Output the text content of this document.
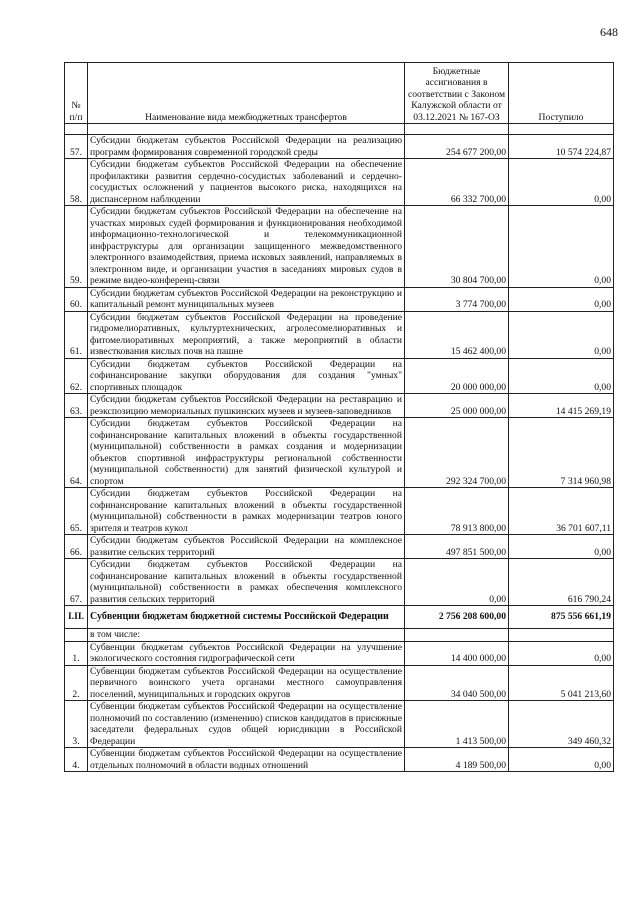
648
№ п/п	Наименование вида межбюджетных трансфертов	Бюджетные ассигнования в соответствии с Законом Калужской области от 03.12.2021 № 167-ОЗ	Поступило

57.	Субсидии бюджетам субъектов Российской Федерации на реализацию программ формирования современной городской среды	254 677 200,00	10 574 224,87
58.	Субсидии бюджетам субъектов Российской Федерации на обеспечение профилактики развития сердечно-сосудистых заболеваний и сердечно-сосудистых осложнений у пациентов высокого риска, находящихся на диспансерном наблюдении	66 332 700,00	0,00
59.	Субсидии бюджетам субъектов Российской Федерации на обеспечение на участках мировых судей формирования и функционирования необходимой информационно-технологической и телекоммуникационной инфраструктуры для организации защищенного межведомственного электронного взаимодействия, приема исковых заявлений, направляемых в электронном виде, и организации участия в заседаниях мировых судов в режиме видео-конференц-связи	30 804 700,00	0,00
60.	Субсидии бюджетам субъектов Российской Федерации на реконструкцию и капитальный ремонт муниципальных музеев	3 774 700,00	0,00
61.	Субсидии бюджетам субъектов Российской Федерации на проведение гидромелиоративных, культуртехнических, агролесомелиоративных и фитомелиоративных мероприятий, а также мероприятий в области известкования кислых почв на пашне	15 462 400,00	0,00
62.	Субсидии бюджетам субъектов Российской Федерации на софинансирование закупки оборудования для создания "умных" спортивных площадок	20 000 000,00	0,00
63.	Субсидии бюджетам субъектов Российской Федерации на реставрацию и реэкспозицию мемориальных пушкинских музеев и музеев-заповедников	25 000 000,00	14 415 269,19
64.	Субсидии бюджетам субъектов Российской Федерации на софинансирование капитальных вложений в объекты государственной (муниципальной) собственности в рамках создания и модернизации объектов спортивной инфраструктуры региональной собственности (муниципальной собственности) для занятий физической культурой и спортом	292 324 700,00	7 314 960,98
65.	Субсидии бюджетам субъектов Российской Федерации на софинансирование капитальных вложений в объекты государственной (муниципальной) собственности в рамках модернизации театров юного зрителя и театров кукол	78 913 800,00	36 701 607,11
66.	Субсидии бюджетам субъектов Российской Федерации на комплексное развитие сельских территорий	497 851 500,00	0,00
67.	Субсидии бюджетам субъектов Российской Федерации на софинансирование капитальных вложений в объекты государственной (муниципальной) собственности в рамках обеспечения комплексного развития сельских территорий	0,00	616 790,24
I.II.	Субвенции бюджетам бюджетной системы Российской Федерации	2 756 208 600,00	875 556 661,19
	в том числе:		
1.	Субвенции бюджетам субъектов Российской Федерации на улучшение экологического состояния гидрографической сети	14 400 000,00	0,00
2.	Субвенции бюджетам субъектов Российской Федерации на осуществление первичного воинского учета органами местного самоуправления поселений, муниципальных и городских округов	34 040 500,00	5 041 213,60
3.	Субвенции бюджетам субъектов Российской Федерации на осуществление полномочий по составлению (изменению) списков кандидатов в присяжные заседатели федеральных судов общей юрисдикции в Российской Федерации	1 413 500,00	349 460,32
4.	Субвенции бюджетам субъектов Российской Федерации на осуществление отдельных полномочий в области водных отношений	4 189 500,00	0,00
